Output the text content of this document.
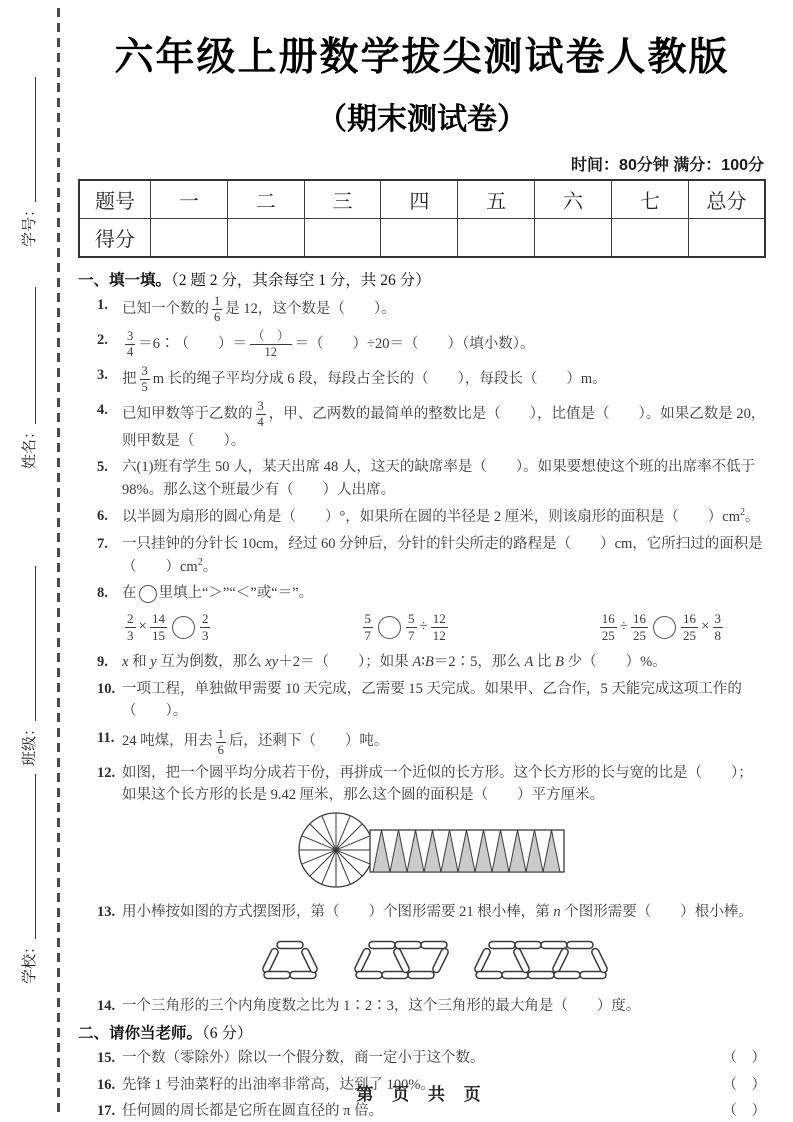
学号：
姓名：
班级：
学校：
六年级上册数学拔尖测试卷人教版
（期末测试卷）
时间：80分钟 满分：100分
题号	一	二	三	四	五	六	七	总分
得分								
一、填一填。（2 题 2 分，其余每空 1 分，共 26 分）
1. 已知一个数的 $\frac{1}{6}$ 是 12，这个数是（　　）。
2. $\frac{3}{4}$ ＝6∶（　　）＝ $\frac{( )}{12}$ ＝（　　）÷20＝（　　）（填小数）。
3. 把 $\frac{3}{5}$ m 长的绳子平均分成 6 段，每段占全长的（　　），每段长（　　）m。
4. 已知甲数等于乙数的 $\frac{3}{4}$ ，甲、乙两数的最简单的整数比是（　　），比值是（　　）。如果乙数是 20，则甲数是（　　）。
5. 六(1)班有学生 50 人，某天出席 48 人，这天的缺席率是（　　）。如果要想使这个班的出席率不低于 98%。那么这个班最少有（　　）人出席。
6. 以半圆为扇形的圆心角是（　　）°，如果所在圆的半径是 2 厘米，则该扇形的面积是（　　）$cm^2$。
7. 一只挂钟的分针长 10cm，经过 60 分钟后，分针的针尖所走的路程是（　　）cm，它所扫过的面积是（　　）$cm^2$。
8. 在 里填上“＞”“＜”或“＝”。
$\frac{2}{3} \times \frac{14}{15}$	$\frac{2}{3}$	$\frac{5}{7}$	$\frac{5}{7} \div \frac{12}{12}$	$\frac{16}{25} \div \frac{16}{25}$	$\frac{16}{25} \times \frac{3}{8}$
9. x 和 y 互为倒数，那么 xy＋2＝（　　）；如果 A∶B＝2∶5，那么 A 比 B 少（　　）%。
10. 一项工程，单独做甲需要 10 天完成，乙需要 15 天完成。如果甲、乙合作，5 天能完成这项工作的（　　）。
11. 24 吨煤，用去 $\frac{1}{6}$ 后，还剩下（　　）吨。
12. 如图，把一个圆平均分成若干份，再拼成一个近似的长方形。这个长方形的长与宽的比是（　　）；如果这个长方形的长是 9.42 厘米，那么这个圆的面积是（　　）平方厘米。
13. 用小棒按如图的方式摆图形，第（　　）个图形需要 21 根小棒，第 n 个图形需要（　　）根小棒。
14. 一个三角形的三个内角度数之比为 1∶2∶3，这个三角形的最大角是（　　）度。
二、请你当老师。（6 分）
15. 一个数（零除外）除以一个假分数，商一定小于这个数。	（　）
16. 先锋 1 号油菜籽的出油率非常高，达到了 100%。	（　）
17. 任何圆的周长都是它所在圆直径的 π 倍。	（　）
第 页 共 页
